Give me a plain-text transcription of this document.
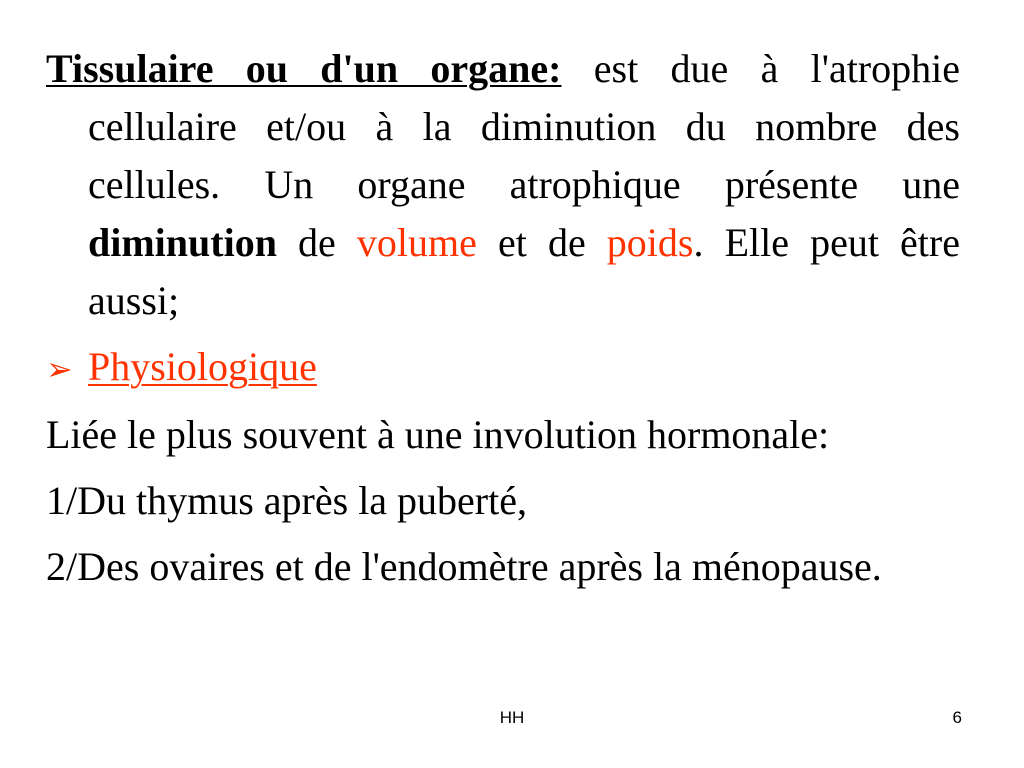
Tissulaire ou d'un organe: est due à l'atrophie cellulaire et/ou à la diminution du nombre des cellules. Un organe atrophique présente une diminution de volume et de poids. Elle peut être aussi;

➢ Physiologique

Liée le plus souvent à une involution hormonale:

1/Du thymus après la puberté,

2/Des ovaires et de l'endomètre après la ménopause.

HH	6
